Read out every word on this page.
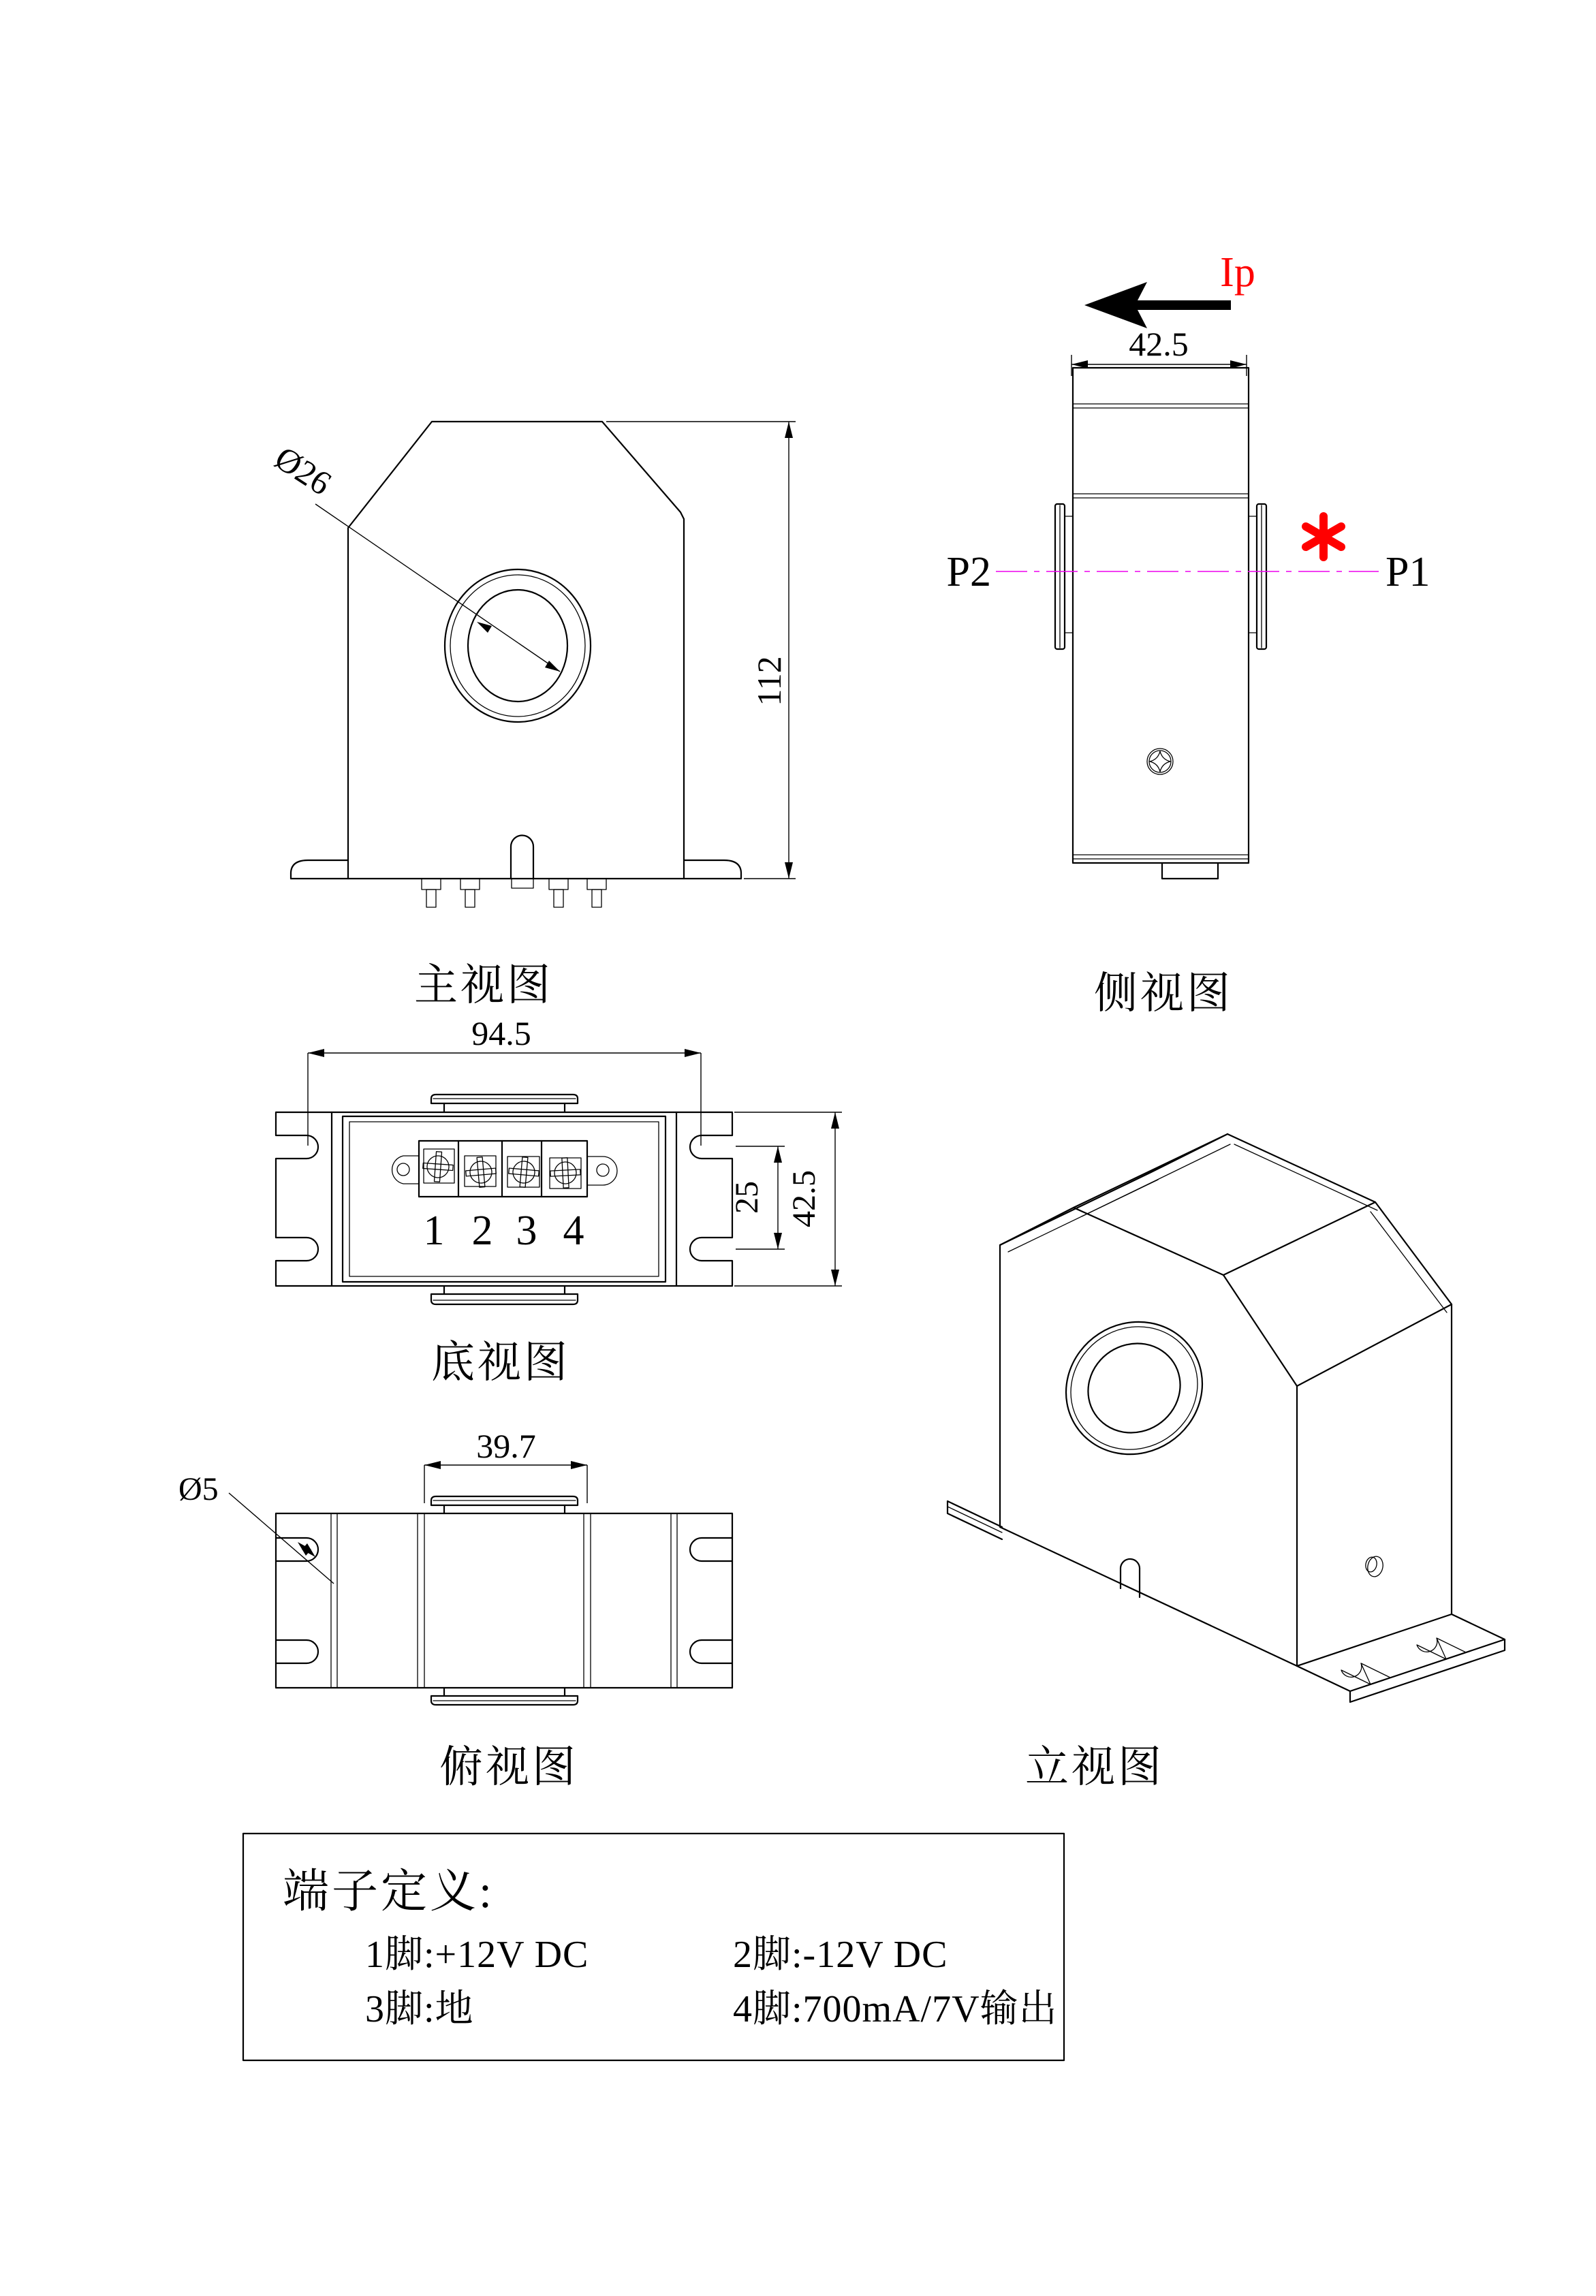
Ø26
112
主视图
94.5
Ip
42.5
P2	P1
侧视图
1 2 3 4
25 42.5
底视图
39.7
Ø5
俯视图	立视图
端子定义:
1脚:+12V DC	2脚:-12V DC
3脚:地	4脚:700mA/7V输出
